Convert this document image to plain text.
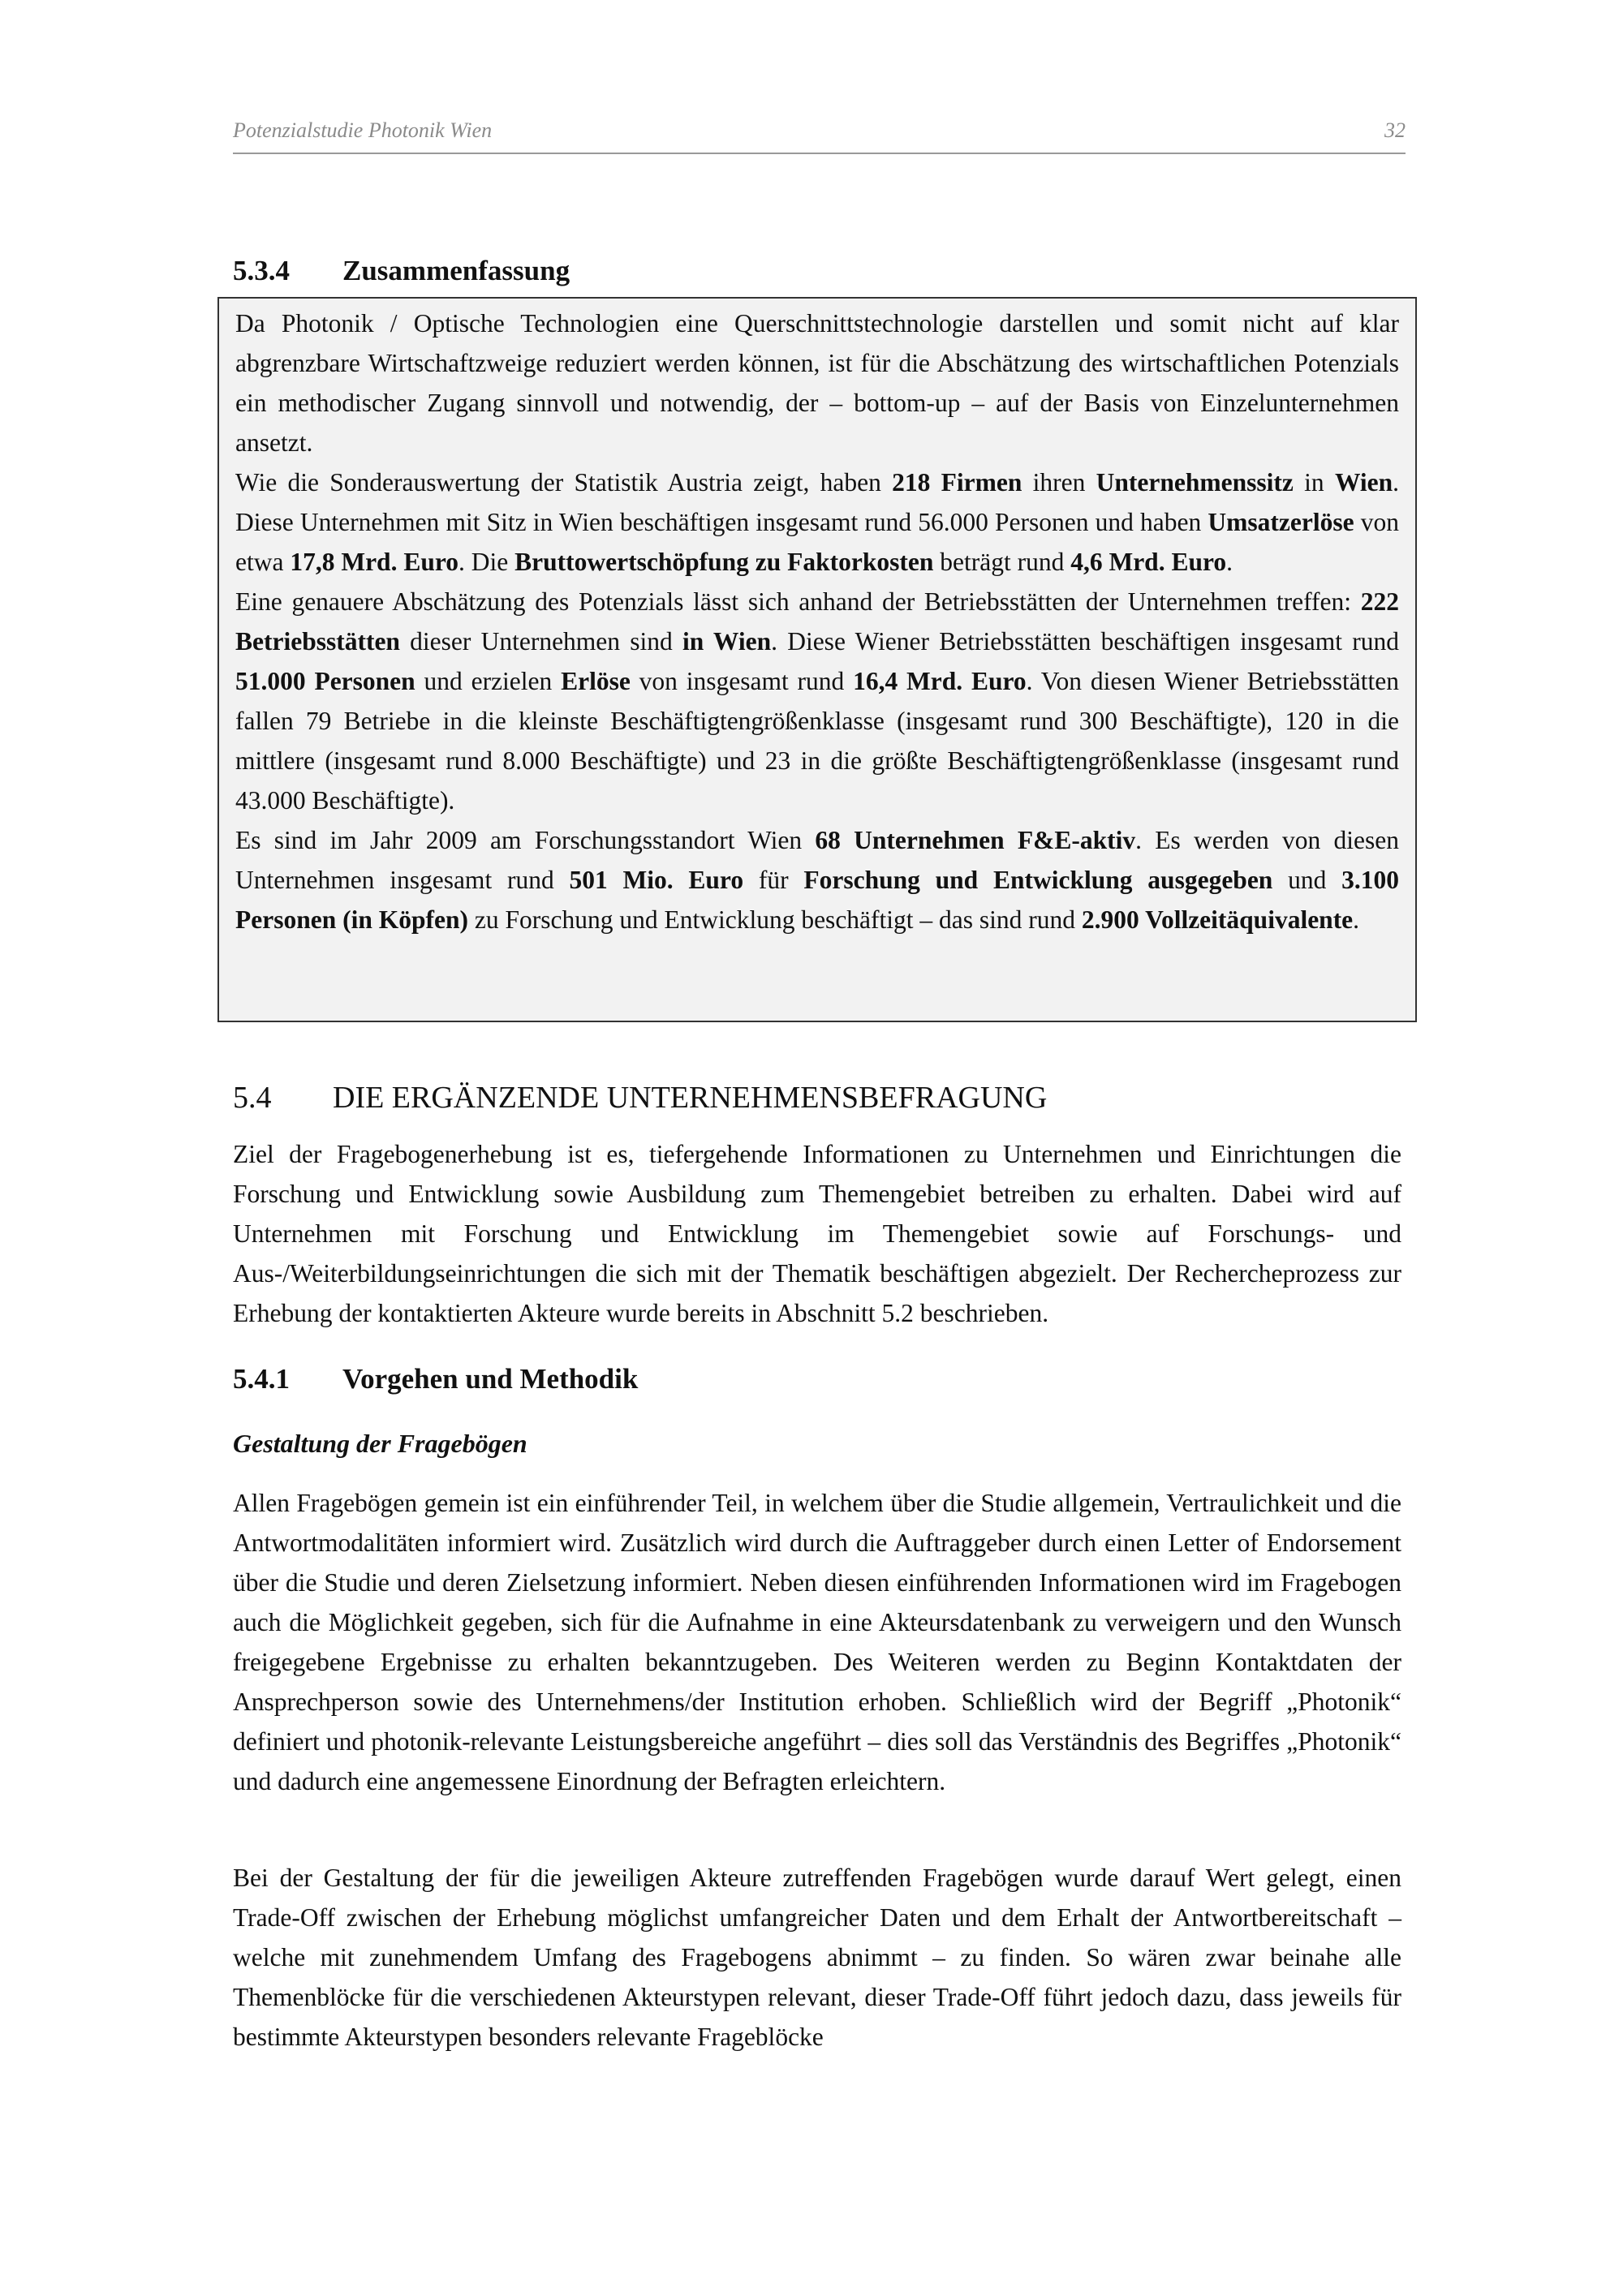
Potenzialstudie Photonik Wien	32
5.3.4 Zusammenfassung

Da Photonik / Optische Technologien eine Querschnittstechnologie darstellen und somit nicht auf klar abgrenzbare Wirtschaftzweige reduziert werden können, ist für die Abschätzung des wirtschaftlichen Potenzials ein methodischer Zugang sinnvoll und notwendig, der – bottom-up – auf der Basis von Einzelunternehmen ansetzt.

Wie die Sonderauswertung der Statistik Austria zeigt, haben 218 Firmen ihren Unternehmenssitz in Wien. Diese Unternehmen mit Sitz in Wien beschäftigen insgesamt rund 56.000 Personen und haben Umsatzerlöse von etwa 17,8 Mrd. Euro. Die Bruttowertschöpfung zu Faktorkosten beträgt rund 4,6 Mrd. Euro.

Eine genauere Abschätzung des Potenzials lässt sich anhand der Betriebsstätten der Unternehmen treffen: 222 Betriebsstätten dieser Unternehmen sind in Wien. Diese Wiener Betriebsstätten beschäftigen insgesamt rund 51.000 Personen und erzielen Erlöse von insgesamt rund 16,4 Mrd. Euro. Von diesen Wiener Betriebsstätten fallen 79 Betriebe in die kleinste Beschäftigtengrößenklasse (insgesamt rund 300 Beschäftigte), 120 in die mittlere (insgesamt rund 8.000 Beschäftigte) und 23 in die größte Beschäftigtengrößenklasse (insgesamt rund 43.000 Beschäftigte).

Es sind im Jahr 2009 am Forschungsstandort Wien 68 Unternehmen F&E-aktiv. Es werden von diesen Unternehmen insgesamt rund 501 Mio. Euro für Forschung und Entwicklung ausgegeben und 3.100 Personen (in Köpfen) zu Forschung und Entwicklung beschäftigt – das sind rund 2.900 Vollzeitäquivalente.

5.4 DIE ERGÄNZENDE UNTERNEHMENSBEFRAGUNG

Ziel der Fragebogenerhebung ist es, tiefergehende Informationen zu Unternehmen und Einrichtungen die Forschung und Entwicklung sowie Ausbildung zum Themengebiet betreiben zu erhalten. Dabei wird auf Unternehmen mit Forschung und Entwicklung im Themengebiet sowie auf Forschungs- und Aus-/Weiterbildungseinrichtungen die sich mit der Thematik beschäftigen abgezielt. Der Rechercheprozess zur Erhebung der kontaktierten Akteure wurde bereits in Abschnitt 5.2 beschrieben.

5.4.1 Vorgehen und Methodik
Gestaltung der Fragebögen

Allen Fragebögen gemein ist ein einführender Teil, in welchem über die Studie allgemein, Vertraulichkeit und die Antwortmodalitäten informiert wird. Zusätzlich wird durch die Auftraggeber durch einen Letter of Endorsement über die Studie und deren Zielsetzung informiert. Neben diesen einführenden Informationen wird im Fragebogen auch die Möglichkeit gegeben, sich für die Aufnahme in eine Akteursdatenbank zu verweigern und den Wunsch freigegebene Ergebnisse zu erhalten bekanntzugeben. Des Weiteren werden zu Beginn Kontaktdaten der Ansprechperson sowie des Unternehmens/der Institution erhoben. Schließlich wird der Begriff „Photonik“ definiert und photonik-relevante Leistungsbereiche angeführt – dies soll das Verständnis des Begriffes „Photonik“ und dadurch eine angemessene Einordnung der Befragten erleichtern.

Bei der Gestaltung der für die jeweiligen Akteure zutreffenden Fragebögen wurde darauf Wert gelegt, einen Trade-Off zwischen der Erhebung möglichst umfangreicher Daten und dem Erhalt der Antwortbereitschaft – welche mit zunehmendem Umfang des Fragebogens abnimmt – zu finden. So wären zwar beinahe alle Themenblöcke für die verschiedenen Akteurstypen relevant, dieser Trade-Off führt jedoch dazu, dass jeweils für bestimmte Akteurstypen besonders relevante Frageblöcke
